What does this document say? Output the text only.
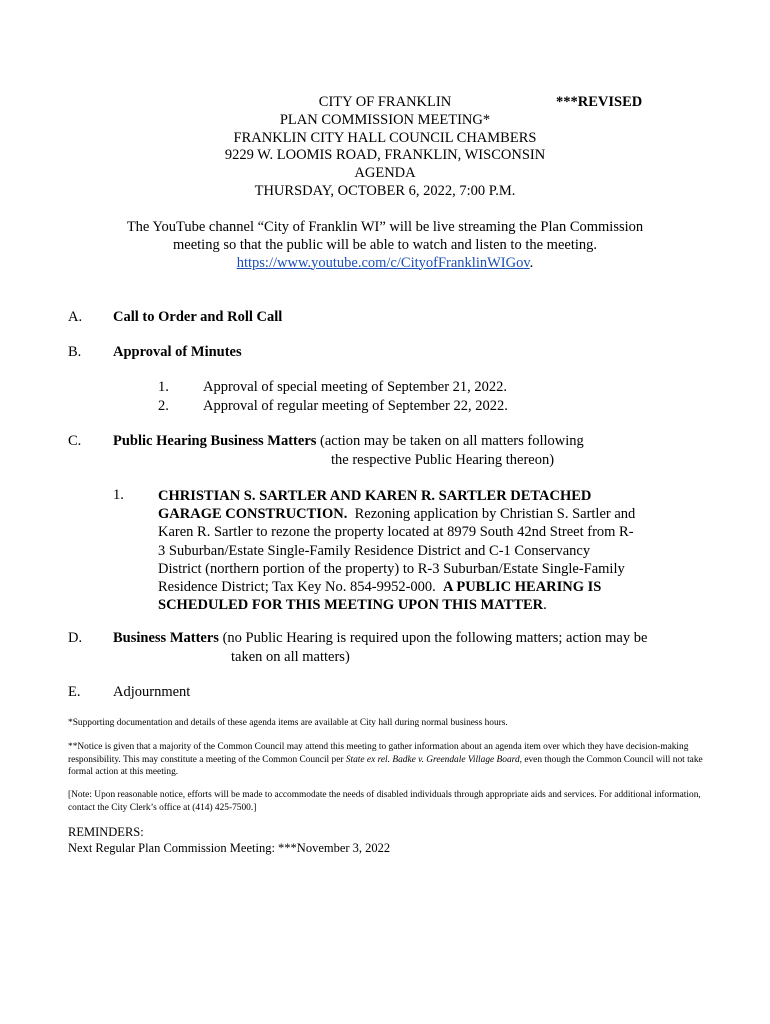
CITY OF FRANKLIN	***REVISED
PLAN COMMISSION MEETING*
FRANKLIN CITY HALL COUNCIL CHAMBERS
9229 W. LOOMIS ROAD, FRANKLIN, WISCONSIN
AGENDA
THURSDAY, OCTOBER 6, 2022, 7:00 P.M.
The YouTube channel “City of Franklin WI” will be live streaming the Plan Commission
meeting so that the public will be able to watch and listen to the meeting.
https://www.youtube.com/c/CityofFranklinWIGov.
A. Call to Order and Roll Call
B. Approval of Minutes
1. Approval of special meeting of September 21, 2022.
2. Approval of regular meeting of September 22, 2022.
C. Public Hearing Business Matters (action may be taken on all matters following
the respective Public Hearing thereon)
1. CHRISTIAN S. SARTLER AND KAREN R. SARTLER DETACHED
GARAGE CONSTRUCTION.  Rezoning application by Christian S. Sartler and
Karen R. Sartler to rezone the property located at 8979 South 42nd Street from R-
3 Suburban/Estate Single-Family Residence District and C-1 Conservancy
District (northern portion of the property) to R-3 Suburban/Estate Single-Family
Residence District; Tax Key No. 854-9952-000.  A PUBLIC HEARING IS
SCHEDULED FOR THIS MEETING UPON THIS MATTER.
D. Business Matters (no Public Hearing is required upon the following matters; action may be
taken on all matters)
E. Adjournment
*Supporting documentation and details of these agenda items are available at City hall during normal business hours.
**Notice is given that a majority of the Common Council may attend this meeting to gather information about an agenda item over which they have decision-making responsibility. This may constitute a meeting of the Common Council per State ex rel. Badke v. Greendale Village Board, even though the Common Council will not take formal action at this meeting.
[Note: Upon reasonable notice, efforts will be made to accommodate the needs of disabled individuals through appropriate aids and services. For additional information, contact the City Clerk’s office at (414) 425-7500.]
REMINDERS:
Next Regular Plan Commission Meeting: ***November 3, 2022
